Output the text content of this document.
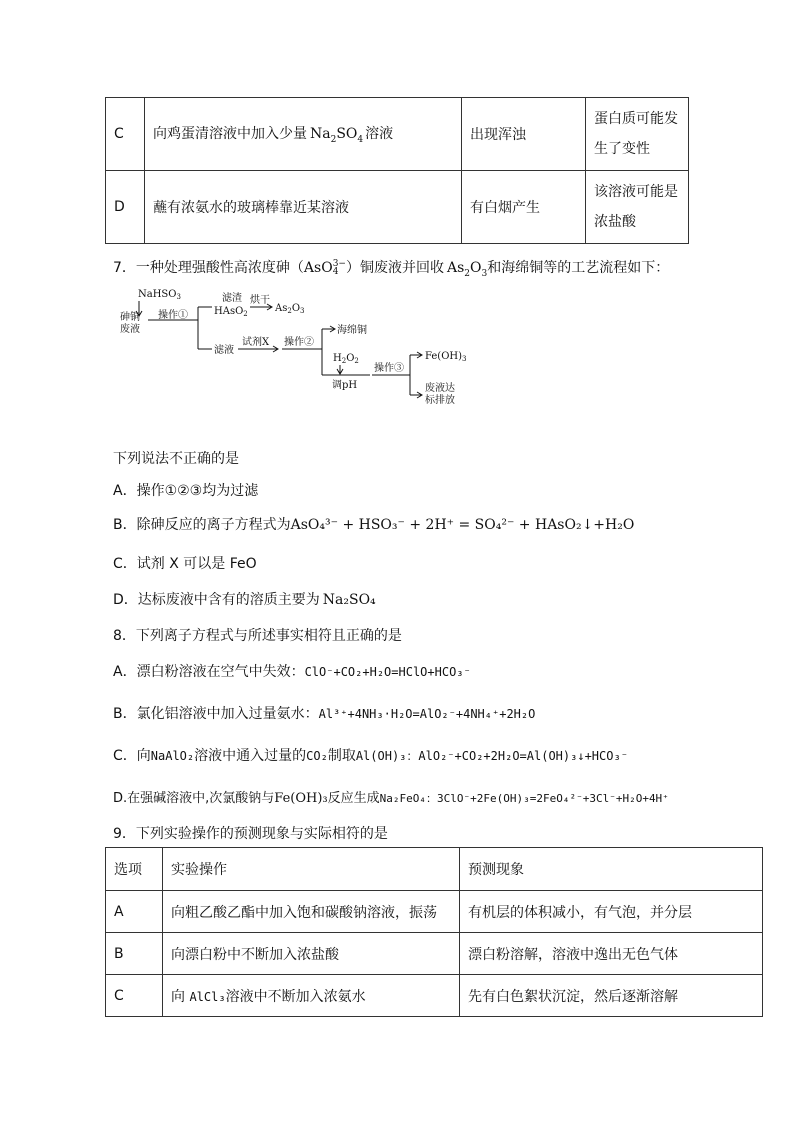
C	向鸡蛋清溶液中加入少量 $Na_2SO_4$ 溶液	出现浑浊	蛋白质可能发
生了变性

D	蘸有浓氨水的玻璃棒靠近某溶液	有白烟产生	该溶液可能是
浓盐酸
7．一种处理强酸性高浓度砷（AsO 3−
4 ）铜废液并回收 $As_2O_3$和海绵铜等的工艺流程如下：
NaHSO$_3$
砷铜
废液
操作①
滤渣
HAsO$_2$
烘干
$As_2O_3$
滤液
试剂X 操作②
海绵铜
$H_2O_2$
调pH
操作③
$Fe(OH)_3$
废液达
标排放
下列说法不正确的是
A．操作①②③均为过滤
B．除砷反应的离子方程式为AsO₄³⁻ + HSO₃⁻ + 2H⁺ = SO₄²⁻ + HAsO₂↓+H₂O
C．试剂 X 可以是 FeO
D．达标废液中含有的溶质主要为 Na₂SO₄
8．下列离子方程式与所述事实相符且正确的是
A．漂白粉溶液在空气中失效：ClO⁻+CO₂+H₂O=HClO+HCO₃⁻
B．氯化铝溶液中加入过量氨水：Al³⁺+4NH₃·H₂O=AlO₂⁻+4NH₄⁺+2H₂O
C．向NaAlO₂溶液中通入过量的CO₂制取Al(OH)₃：AlO₂⁻+CO₂+2H₂O=Al(OH)₃↓+HCO₃⁻
D.在强碱溶液中,次氯酸钠与Fe(OH)₃反应生成Na₂FeO₄：3ClO⁻+2Fe(OH)₃=2FeO₄²⁻+3Cl⁻+H₂O+4H⁺
9．下列实验操作的预测现象与实际相符的是
选项	实验操作	预测现象
A	向粗乙酸乙酯中加入饱和碳酸钠溶液，振荡	有机层的体积减小，有气泡，并分层
B	向漂白粉中不断加入浓盐酸	漂白粉溶解，溶液中逸出无色气体
C	向 AlCl₃溶液中不断加入浓氨水	先有白色絮状沉淀，然后逐渐溶解
